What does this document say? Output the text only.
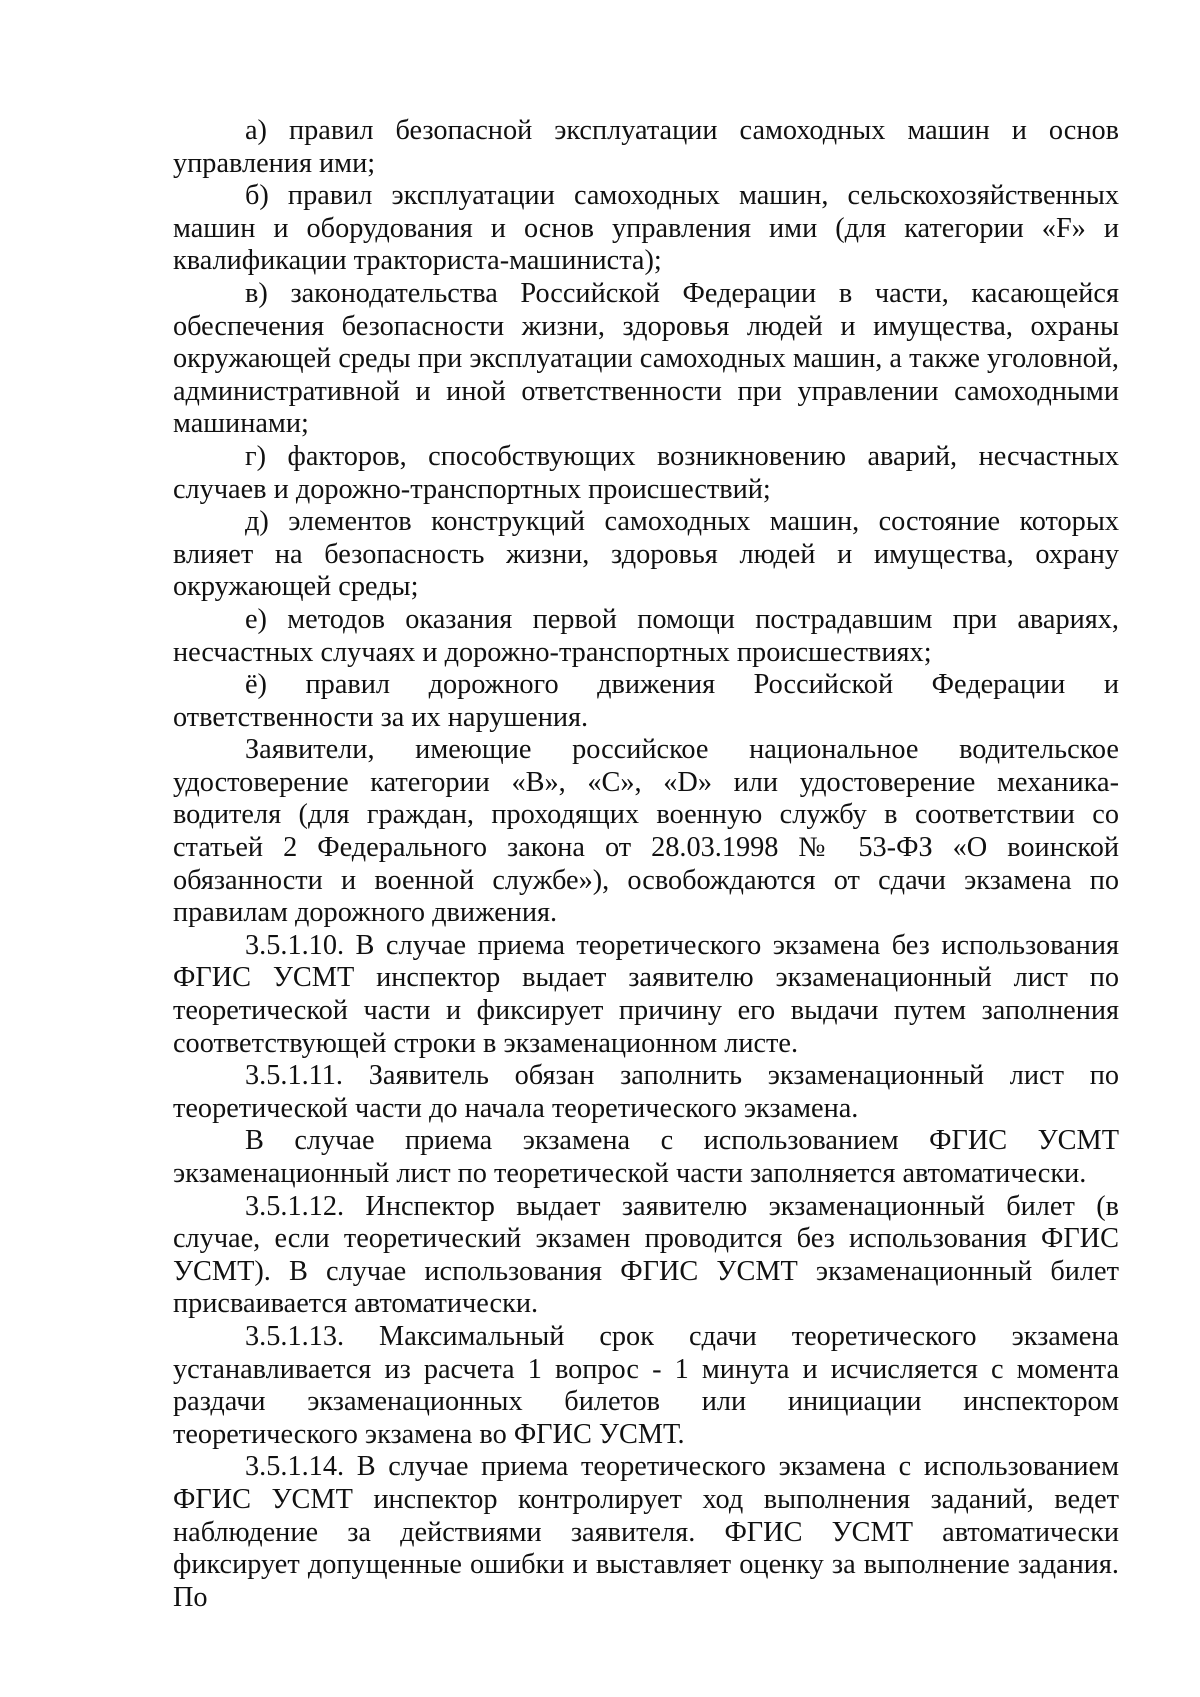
а) правил безопасной эксплуатации самоходных машин и основ управления ими;

б) правил эксплуатации самоходных машин, сельскохозяйственных машин и оборудования и основ управления ими (для категории «F» и квалификации тракториста-машиниста);

в) законодательства Российской Федерации в части, касающейся обеспечения безопасности жизни, здоровья людей и имущества, охраны окружающей среды при эксплуатации самоходных машин, а также уголовной, административной и иной ответственности при управлении самоходными машинами;

г) факторов, способствующих возникновению аварий, несчастных случаев и дорожно-транспортных происшествий;

д) элементов конструкций самоходных машин, состояние которых влияет на безопасность жизни, здоровья людей и имущества, охрану окружающей среды;

е) методов оказания первой помощи пострадавшим при авариях, несчастных случаях и дорожно-транспортных происшествиях;

ё) правил дорожного движения Российской Федерации и ответственности за их нарушения.

Заявители, имеющие российское национальное водительское удостоверение категории «B», «C», «D» или удостоверение механика-водителя (для граждан, проходящих военную службу в соответствии со статьей 2 Федерального закона от 28.03.1998 № 53-ФЗ «О воинской обязанности и военной службе»), освобождаются от сдачи экзамена по правилам дорожного движения.

3.5.1.10. В случае приема теоретического экзамена без использования ФГИС УСМТ инспектор выдает заявителю экзаменационный лист по теоретической части и фиксирует причину его выдачи путем заполнения соответствующей строки в экзаменационном листе.

3.5.1.11. Заявитель обязан заполнить экзаменационный лист по теоретической части до начала теоретического экзамена.

В случае приема экзамена с использованием ФГИС УСМТ экзаменационный лист по теоретической части заполняется автоматически.

3.5.1.12. Инспектор выдает заявителю экзаменационный билет (в случае, если теоретический экзамен проводится без использования ФГИС УСМТ). В случае использования ФГИС УСМТ экзаменационный билет присваивается автоматически.

3.5.1.13. Максимальный срок сдачи теоретического экзамена устанавливается из расчета 1 вопрос - 1 минута и исчисляется с момента раздачи экзаменационных билетов или инициации инспектором теоретического экзамена во ФГИС УСМТ.

3.5.1.14. В случае приема теоретического экзамена с использованием ФГИС УСМТ инспектор контролирует ход выполнения заданий, ведет наблюдение за действиями заявителя. ФГИС УСМТ автоматически фиксирует допущенные ошибки и выставляет оценку за выполнение задания. По
